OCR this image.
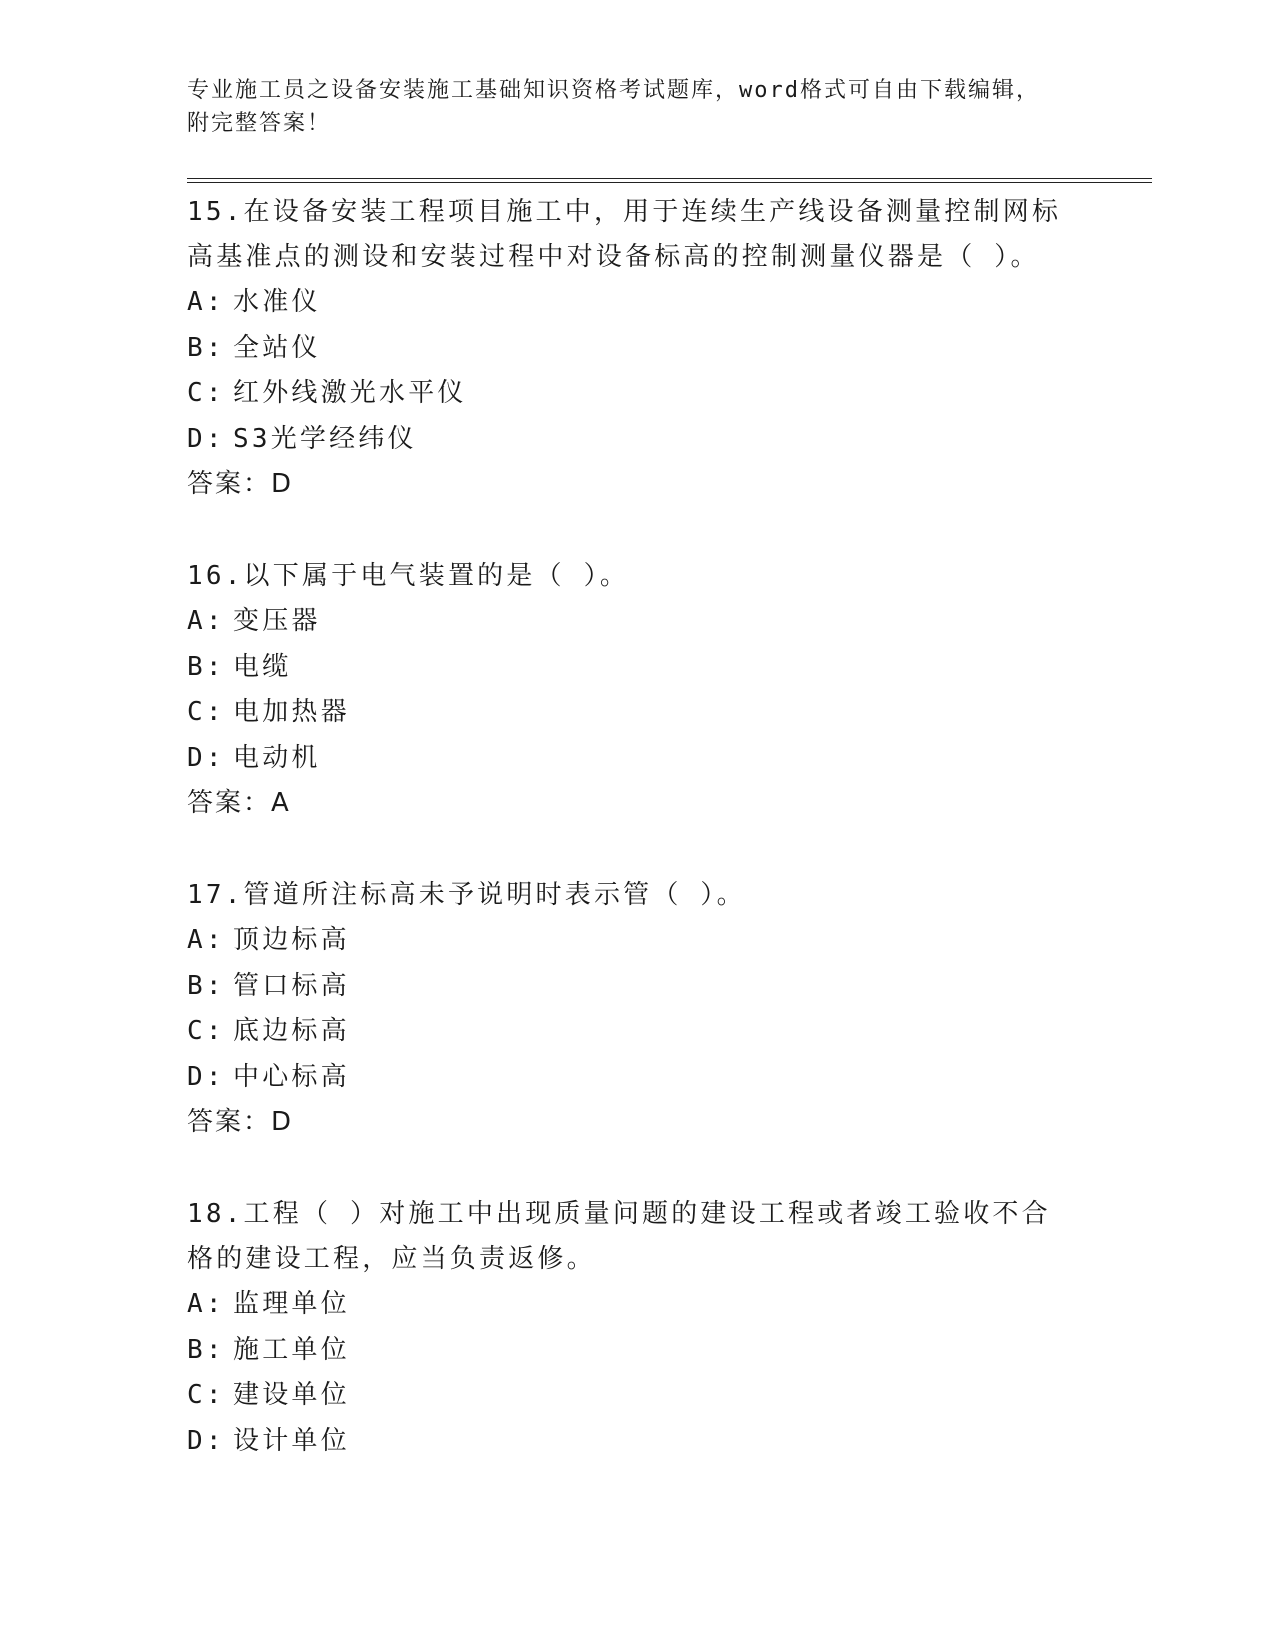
专业施工员之设备安装施工基础知识资格考试题库，word格式可自由下载编辑，
附完整答案！
15.在设备安装工程项目施工中，用于连续生产线设备测量控制网标高基准点的测设和安装过程中对设备标高的控制测量仪器是（ ）。
A: 水准仪
B: 全站仪
C: 红外线激光水平仪
D: S3光学经纬仪
答案：D
16.以下属于电气装置的是（ ）。
A: 变压器
B: 电缆
C: 电加热器
D: 电动机
答案：A
17.管道所注标高未予说明时表示管（ ）。
A: 顶边标高
B: 管口标高
C: 底边标高
D: 中心标高
答案：D
18.工程（ ）对施工中出现质量问题的建设工程或者竣工验收不合格的建设工程，应当负责返修。
A: 监理单位
B: 施工单位
C: 建设单位
D: 设计单位
